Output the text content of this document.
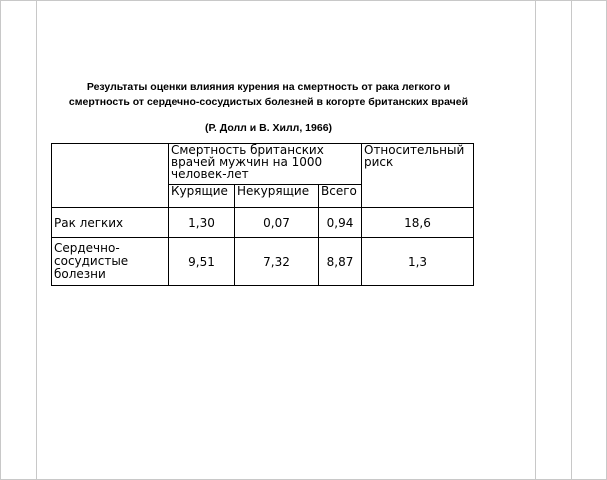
Результаты оценки влияния курения на смертность от рака легкого и
смертность от сердечно-сосудистых болезней в когорте британских врачей
(Р. Долл и В. Хилл, 1966)
	Смертность британских врачей мужчин на 1000 человек-лет			Относительный риск
	Курящие	Некурящие	Всего	
Рак легких	1,30	0,07	0,94	18,6

Сердечно-
сосудистые
болезни	9,51	7,32	8,87	1,3
